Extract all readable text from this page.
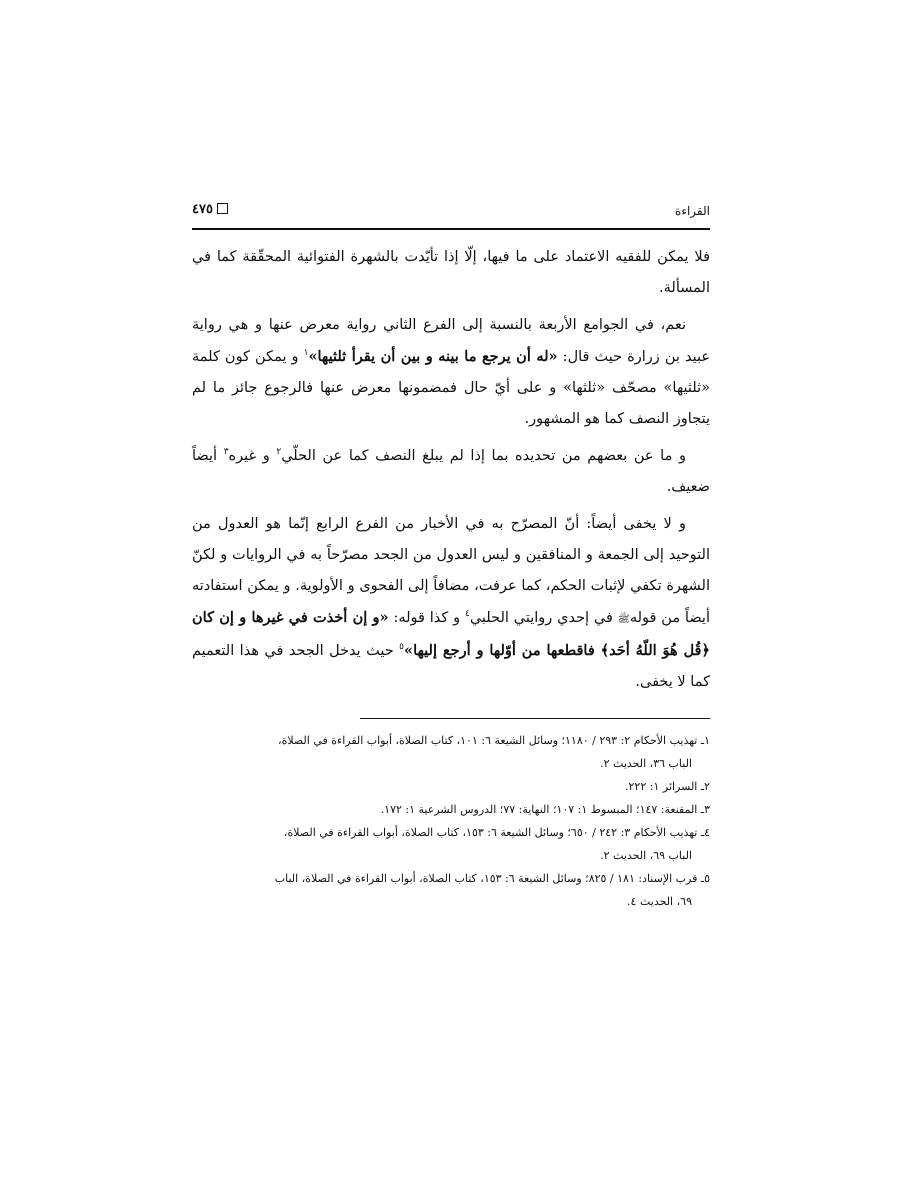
القراءة
٤٧٥

فلا يمكن للفقيه الاعتماد على ما فيها، إلّا إذا تأيّدت بالشهرة الفتوائية المحقّقة كما في المسألة.

نعم، في الجوامع الأربعة بالنسبة إلى الفرع الثاني رواية معرض عنها و هي رواية عبيد بن زرارة حيث قال: «له أن يرجع ما بينه و بين أن يقرأ ثلثيها»$^١$ و يمكن كون كلمة «ثلثيها» مصحّف «ثلثها» و على أيّ حال فمضمونها معرض عنها فالرجوع جائز ما لم يتجاوز النصف كما هو المشهور.

و ما عن بعضهم من تحديده بما إذا لم يبلغ النصف كما عن الحلّي$^٢$ و غيره$^٣$ أيضاً ضعيف.

و لا يخفى أيضاً: أنّ المصرّح به في الأخبار من الفرع الرابع إنّما هو العدول من التوحيد إلى الجمعة و المنافقين و ليس العدول من الجحد مصرّحاً به في الروايات و لكنّ الشهرة تكفي لإثبات الحكم، كما عرفت، مضافاً إلى الفحوى و الأولوية. و يمكن استفادته أيضاً من قولهﷺ في إحدي روايتي الحلبي$^٤$ و كذا قوله: «و إن أخذت في غيرها و إن كان ﴿قُل هُوَ اللّهُ أحَد﴾ فاقطعها من أوّلها و أرجع إليها»$^٥$ حيث يدخل الجحد في هذا التعميم كما لا يخفى.

١ـ تهذيب الأحكام ٢: ٢٩٣ / ١١٨٠؛ وسائل الشيعة ٦: ١٠١، كتاب الصلاة، أبواب القراءة في الصلاة،

الباب ٣٦، الحديث ٢.

٢ـ السرائر ١: ٢٢٢.

٣ـ المقنعة: ١٤٧؛ المبسوط ١: ١٠٧؛ النهاية: ٧٧؛ الدروس الشرعية ١: ١٧٢.

٤ـ تهذيب الأحكام ٣: ٢٤٢ / ٦٥٠؛ وسائل الشيعة ٦: ١٥٣، كتاب الصلاة، أبواب القراءة في الصلاة،

الباب ٦٩، الحديث ٢.

٥ـ قرب الإسناد: ١٨١ / ٨٢٥؛ وسائل الشيعة ٦: ١٥٣، كتاب الصلاة، أبواب القراءة في الصلاة، الباب

٦٩، الحديث ٤.
